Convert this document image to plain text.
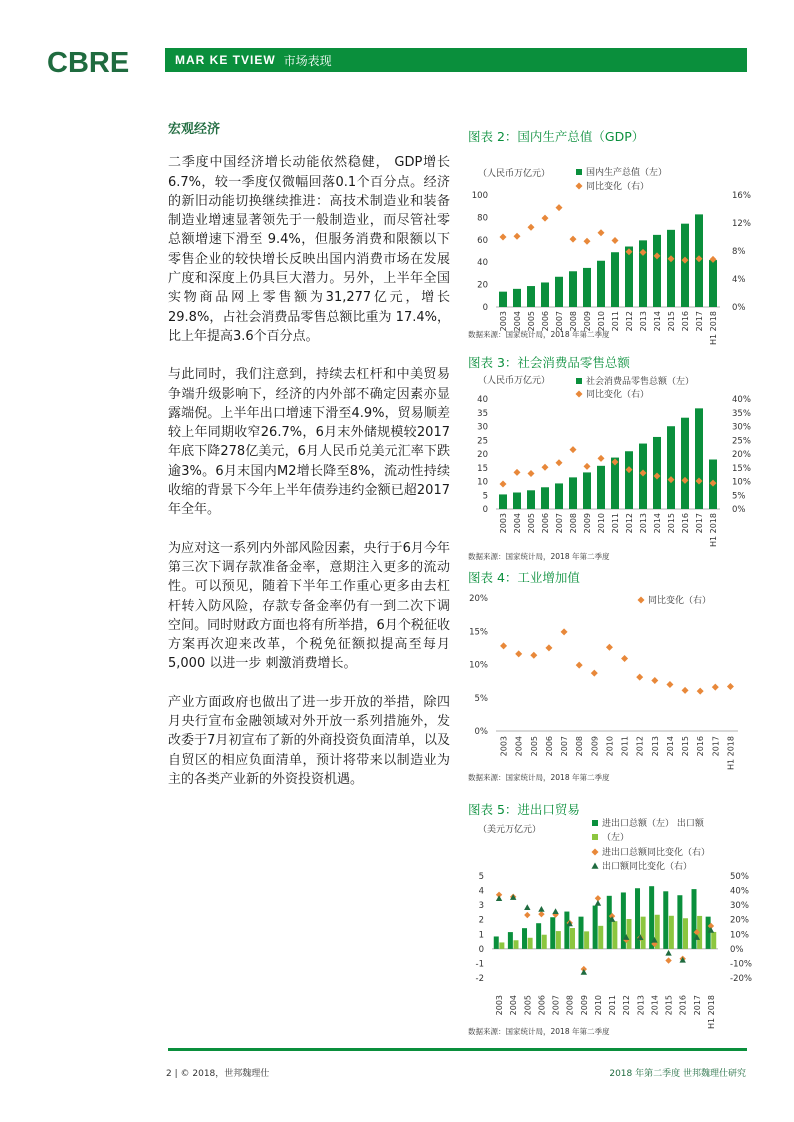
CBRE	MAR KE TVIEW 市场表现
宏观经济

二季度中国经济增长动能依然稳健， GDP增长6.7%，较一季度仅微幅回落0.1个百分点。经济的新旧动能切换继续推进：高技术制造业和装备制造业增速显著领先于一般制造业，而尽管社零总额增速下滑至 9.4%，但服务消费和限额以下零售企业的较快增长反映出国内消费市场在发展广度和深度上仍具巨大潜力。另外，上半年全国实物商品网上零售额为31,277亿元，增长29.8%，占社会消费品零售总额比重为 17.4%，比上年提高3.6个百分点。

与此同时，我们注意到，持续去杠杆和中美贸易争端升级影响下，经济的内外部不确定因素亦显露端倪。上半年出口增速下滑至4.9%，贸易顺差较上年同期收窄26.7%，6月末外储规模较2017年底下降278亿美元，6月人民币兑美元汇率下跌逾3%。6月末国内M2增长降至8%，流动性持续收缩的背景下今年上半年债券违约金额已超2017年全年。

为应对这一系列内外部风险因素，央行于6月今年第三次下调存款准备金率，意期注入更多的流动性。可以预见，随着下半年工作重心更多由去杠杆转入防风险，存款专备金率仍有一到二次下调空间。同时财政方面也将有所举措，6月个税征收方案再次迎来改革，个税免征额拟提高至每月5,000 以进一步 刺激消费增长。

产业方面政府也做出了进一步开放的举措，除四月央行宣布金融领域对外开放一系列措施外，发改委于7月初宣布了新的外商投资负面清单，以及自贸区的相应负面清单，预计将带来以制造业为主的各类产业新的外资投资机遇。

图表 2：国内生产总值（GDP）
（人民币万亿元）	国内生产总值（左）
同比变化（右）
0
20
40
60
80
100
0%
4%
8%
12%
16%
2003 2004 2005 2006 2007 2008 2009 2010 2011 2012 2013 2014 2015 2016 2017 H1 2018
数据来源：国家统计局，2018 年第二季度
图表 3：社会消费品零售总额
（人民币万亿元）	社会消费品零售总额（左）
同比变化（右）
0
5
10
15
20
25
30
35
40
0%
5%
10%
15%
20%
25%
30%
35%
40%
2003 2004 2005 2006 2007 2008 2009 2010 2011 2012 2013 2014 2015 2016 2017 H1 2018
数据来源：国家统计局，2018 年第二季度
图表 4：工业增加值
同比变化（右）
0%
5%
10%
15%
20%
2003 2004 2005 2006 2007 2008 2009 2010 2011 2012 2013 2014 2015 2016 2017 H1 2018
数据来源：国家统计局，2018 年第二季度
图表 5：进出口贸易
（美元万亿元）
进出口总额（左） 出口额
（左）
进出口总额同比变化（右）
出口额同比变化（右）
-2
-1
0
1
2
3
4
5
-20%
-10%
0%
10%
20%
30%
40%
50%
2003 2004 2005 2006 2007 2008 2009 2010 2011 2012 2013 2014 2015 2016 2017 H1 2018
数据来源：国家统计局，2018 年第二季度
2 | © 2018，世邦魏理仕	2018 年第二季度 世邦魏理仕研究
